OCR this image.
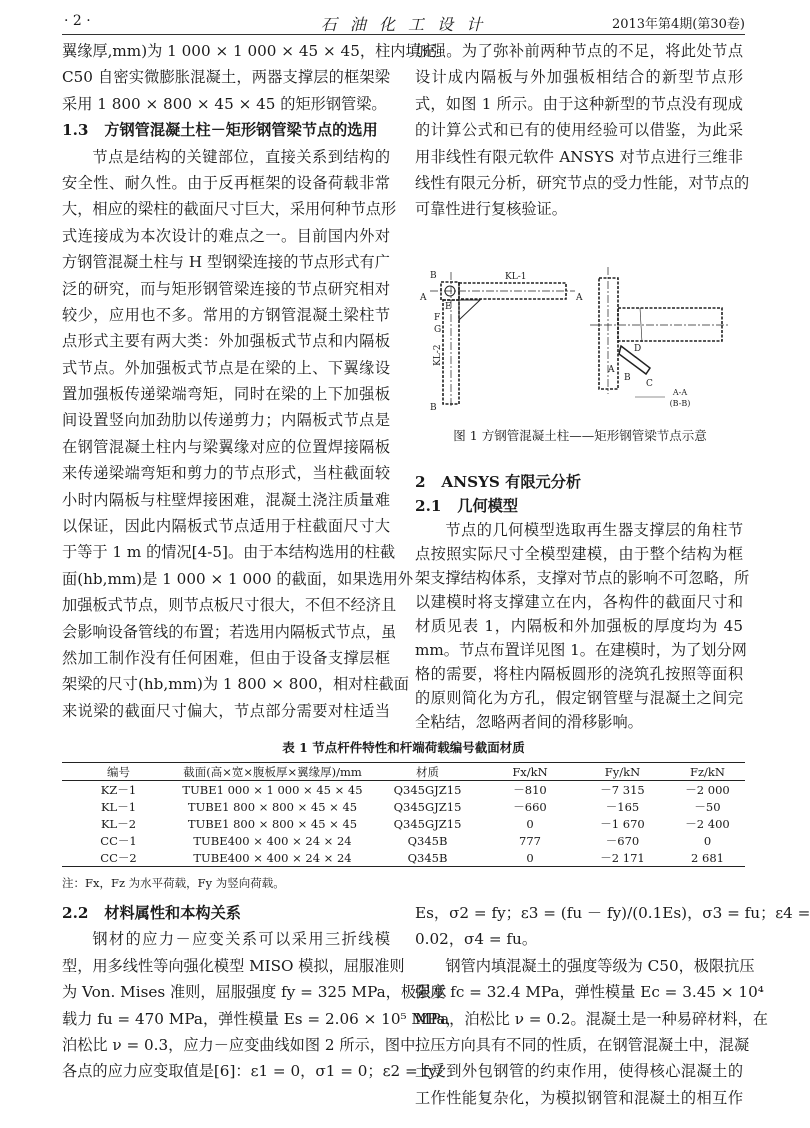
· 2 ·	石 油 化 工 设 计	2013年第4期(第30卷)
翼缘厚,mm)为 1 000 × 1 000 × 45 × 45，柱内填充
C50 自密实微膨胀混凝土，两器支撑层的框架梁
采用 1 800 × 800 × 45 × 45 的矩形钢管梁。
1.3   方钢管混凝土柱－矩形钢管梁节点的选用
节点是结构的关键部位，直接关系到结构的
安全性、耐久性。由于反再框架的设备荷载非常
大，相应的梁柱的截面尺寸巨大，采用何种节点形
式连接成为本次设计的难点之一。目前国内外对
方钢管混凝土柱与 H 型钢梁连接的节点形式有广
泛的研究，而与矩形钢管梁连接的节点研究相对
较少，应用也不多。常用的方钢管混凝土梁柱节
点形式主要有两大类：外加强板式节点和内隔板
式节点。外加强板式节点是在梁的上、下翼缘设
置加强板传递梁端弯矩，同时在梁的上下加强板
间设置竖向加劲肋以传递剪力；内隔板式节点是
在钢管混凝土柱内与梁翼缘对应的位置焊接隔板
来传递梁端弯矩和剪力的节点形式，当柱截面较
小时内隔板与柱壁焊接困难，混凝土浇注质量难
以保证，因此内隔板式节点适用于柱截面尺寸大
于等于 1 m 的情况[4-5]。由于本结构选用的柱截
面(hb,mm)是 1 000 × 1 000 的截面，如果选用外
加强板式节点，则节点板尺寸很大，不但不经济且
会影响设备管线的布置；若选用内隔板式节点，虽
然加工制作没有任何困难，但由于设备支撑层框
架梁的尺寸(hb,mm)为 1 800 × 800，相对柱截面
来说梁的截面尺寸偏大，节点部分需要对柱适当
加强。为了弥补前两种节点的不足，将此处节点
设计成内隔板与外加强板相结合的新型节点形
式，如图 1 所示。由于这种新型的节点没有现成
的计算公式和已有的使用经验可以借鉴，为此采
用非线性有限元软件 ANSYS 对节点进行三维非
线性有限元分析，研究节点的受力性能，对节点的
可靠性进行复核验证。
B	KL-1
A
E
F
G
KL-2
B
A
D
A
B
C
A-A
(B-B)
图 1 方钢管混凝土柱——矩形钢管梁节点示意
2   ANSYS 有限元分析
2.1   几何模型
节点的几何模型选取再生器支撑层的角柱节
点按照实际尺寸全模型建模，由于整个结构为框
架支撑结构体系，支撑对节点的影响不可忽略，所
以建模时将支撑建立在内，各构件的截面尺寸和
材质见表 1，内隔板和外加强板的厚度均为 45
mm。节点布置详见图 1。在建模时，为了划分网
格的需要，将柱内隔板圆形的浇筑孔按照等面积
的原则简化为方孔，假定钢管壁与混凝土之间完
全粘结，忽略两者间的滑移影响。
表 1 节点杆件特性和杆端荷载编号截面材质
编号	截面(高×宽×腹板厚×翼缘厚)/mm	材质	Fx/kN	Fy/kN	Fz/kN
KZ－1	TUBE1 000 × 1 000 × 45 × 45	Q345GJZ15	－810	－7 315	－2 000
KL－1	TUBE1 800 × 800 × 45 × 45	Q345GJZ15	－660	－165	－50
KL－2	TUBE1 800 × 800 × 45 × 45	Q345GJZ15	0	－1 670	－2 400
CC－1	TUBE400 × 400 × 24 × 24	Q345B	777	－670	0
CC－2	TUBE400 × 400 × 24 × 24	Q345B	0	－2 171	2 681
注：Fx，Fz 为水平荷载，Fy 为竖向荷载。
2.2   材料属性和本构关系
钢材的应力－应变关系可以采用三折线模
型，用多线性等向强化模型 MISO 模拟，屈服准则
为 Von. Mises 准则，屈服强度 fy = 325 MPa，极限承
载力 fu = 470 MPa，弹性模量 Es = 2.06 × 10⁵ MPa，
泊松比 ν = 0.3，应力－应变曲线如图 2 所示，图中
各点的应力应变取值是[6]：ε1 = 0，σ1 = 0；ε2 = fy/
Es，σ2 = fy；ε3 = (fu － fy)/(0.1Es)，σ3 = fu；ε4 =
0.02，σ4 = fu。
钢管内填混凝土的强度等级为 C50，极限抗压
强度 fc = 32.4 MPa，弹性模量 Ec = 3.45 × 10⁴
MPa，泊松比 ν = 0.2。混凝土是一种易碎材料，在
拉压方向具有不同的性质，在钢管混凝土中，混凝
土受到外包钢管的约束作用，使得核心混凝土的
工作性能复杂化，为模拟钢管和混凝土的相互作
